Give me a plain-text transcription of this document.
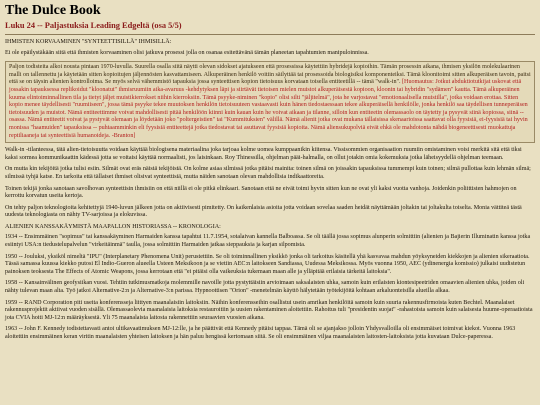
The Dulce Book
Luku 24 -- Paljastuksia Leading Edgeltä (osa 5/5)
IHMISTEN KORVAAMINEN "SYNTEETTISILLÄ" IHMISILLÄ:
Ei ole epäilystäkään siitä että ihmisten korvaaminen olisi jatkuva prosessi jolla on osanaa esitettävänä tämän planeetan tapahtumien manipuloinnissa.
Paljon todisteita alkoi nousta pintaan 1970-luvulla. Suurella osalla siitä näytti olevan sidokset ajatukseen että prosessissa käytettiin hybridejä kopioihin. Tämän prosessin aikana, ihmisen yksilön molekulaarinen malli on tallennettu ja käytetään sitten kopioitujen jäljennösten kasvattamiseen. Alkuperäinen henkilö voitiin säilyttää tai prosessoida biologisiksi komponenteiksi. Tämä kloonitoimi sitten alkuperäisen tavoin, paitsi että se on täysin alienien kontrolloima. Se myös selvä vähemmistö tapauksia jossa synteettisen kopion tietoisuus korvataan toisella entiteetillä -- tämä "walk-in". [Huomautus: Jotkut abduktiotutkijat uskovat että jossakin tapauksessa replikoidut "kloonatut" ihmisruumiin aika-avaruus -kehdytyksen läpi ja siirtävät tietoisen mielen muistot alkuperäisestä kopioon, kloonin tai hybridin "sydämen" kautta. Tämä alkuperäinen kuuma elintoiminnallinen tila ja tietyt jäljet muistikierrokset niihin kierroksiin. Tämä psyyke-niminen "kopio" olisi silti "jäljitelmä", jota he varjostavat "emotionaalisella muistilla", jotka voidaan erottaa. Sitten kopio menee täydellisesti "ruumiiseen", jossa tämä psyyke tekee muutoksen henkilön tietoisuuteen vastaavasti kuin hänen tiedostaessaan tekee alkuperäisellä henkilölle, jonka henkilö saa täydellisen tunneperäisen tietoisuuden ja muistot. Nämä entiteettimme voivat mahdollisesti pitää henkilöön kiinni kuin kauan kuin he voivat aikaan ja tilanne, silloin kun entiteetin olemassaolo on täytetty ja pysyvät siinä kopiossa, siinä -- osassa. Nämä entiteetit voivat ja pystyvät olemaan ja löydetään joko "poltergeistien" tai "Kummituksien" välillä. Nämä alienit jotka ovat mukana tällaisissa skenaarioissa saattavat olla fyysisiä, ei-fyysisiä tai hyvin monissa "haamuiden" tapauksissa -- puhtaamminkin eli fyysisiä entiteettejä jotka tiedostavat tai asuttavat fyysisiä kopioita. Nämä aliensukupolviä eivät ehkä ole mahdotonta nähdä biogeneettisesti muokattuja reptiliaaneja tai synteettisiä humanoideja. -Branton]
Walk-in -tilanteessa, tätä alien-tietoisuutta voidaan käyttää biologisena materiaalina joka tarjoaa kolme uomea kumppaanikin kiitensa. Vissisommien organisaation ruumiin omistaminen voisi merkitä sitä että tiksi kaksi sormea kommunikaattin kädessä jotta se voitaisi käyttää normaalisti, jos laisinkaan. Roy Thinessilla, ohjelman pääi-halmalla, on ollut jotakin omia kokemuksia jotka läheisyydellä ohjelman teemaan.
On mutta kin tekijöitä jotka tulisi esiin. Silmät ovat eräs näistä tekijöistä. On kolme asiaa silmissä jotka pitäisi mainita: toinen silmä on joissakin tapauksissa tummempi kuin toinen; silmä pullottaa kuin lehmän silmä; silmissä tyhjä katse. En tarkoita että tällaiset ihmiset olisivat synteettisiä, mutta näiden sanotaan olevan mahdollisia indikaattoreita.
Toinen tekijä jonka sanotaan savolhovan synteettisin ihmisiin on että niillä ei ole pitkä elinkaari. Sanotaan että ne eivät toimi hyvin sitten kun ne ovat yli kaksi vuotta vanhoja. Joidenkin poliittisten hahmojen on kerrottu korvatun useita kertoja.
On tehty paljon teknologioita kehitettyjä 1940-luvun jälkeen jotta on aktiivisesti pimitetty. On kaikenlaisia asioita jotta voidaan sovelaa saaden heidät näyttämään joltakin tai joltakulta toiselta. Monia vättiteä tästä uudesta teknologiasta on nähty TV-sarjoissa ja elokuvissa.
ALIENIEN KANSSAKÄYMISTÄ MAAPALLON HISTORIASSA -- KRONOLOGIA:
1934 -- Ensimmäinen "sopimus" tai kanssakäyminen Harmaiden kanssa tapahtui 11.7.1954, sotalaivan kannella Balboassa. Se oli täällä jossa sopimus alunperin solmittiin (alienien ja Bajierin Illuminatin kanssa jotka esiintyi USA:n tiedustelupalvelun "virkeitäinmä" taulla, jossa solmittiin Harmaiden jatkaa sieppauksia ja karjan silpomista.
1950 -- Jouluksi, yksiköl nimeltä "IPU" (Interplanetary Phenomena Unit) perustettiin. Se oli toiminnallinen yksikkö jonka oli tarkoitus käsitellä yhä kasvavaa mahdun yöyksyneiden kiekkojen ja alienien sikeraatiota. Tässä samassa kuussa kiekko putosi El Indio-Gueron alueella Usteen Meksikoon ja se vietiin AEC:n laitokseen Sandiassa, Uudessa Meksikossa. Myös vuonna 1950, AEC (ydinenergia komissio) julkaisi uudistetun painoksen teoksesta The Effects of Atomic Weapons, jossa kerrotaan että "ei pitäisi olla vaikeuksia tukemaan maan alle ja ylläpitää erilaisia tärkeitä laitoksia".
1958 -- Kansainvälinen geofysiikan vuosi. Tehtiin tutkimusmatkoja molemmille navoille jotta pystyttäisiin arvioimaan saksalaisten uhka, samoin kuin erilaisten kiontesipeetriden omaavien alienien uhka, joiden oli nähty tulevan maan alta. Työ jatkoi Alternative-2:n ja Alternative-3:n parissa. Hypnoottisen "Orion" -menetelmän käyttö hälytetään työtekijöitä kohtaan arkaluonteisilla alueilla alkaa.
1959 -- RAND Corporation piti useita konferensseja liittyen maanalaisiin laitoksiin. Näihin konferensseihin osallistui usein amrikan henkilöitä samoin kuin suuria rakennusfirmoista kuten Bechtel. Maanalaiset rakennusprojektit aktiivat vuoden sisällä. Olemassaolevia maanalaisia laitoksia restauroitiin ja uusien rakentaminen aloitettiin. Rahoitus tuli "presidentin suojat" -rahastoista samoin kuin salaisesta huume-operaatioista jota CVIA hoiti MJ-12:n määräyksestä. Yli 75 maanalaista laitosta rakennettiin seuraavien vuosien aikana.
1963 -- John F. Kennedy todistettavasti antoi ultikavaatimuksen MJ-12:lle, ja he päättivät että Kennedy pitäisi tappaa. Tämä oli se ajanjakso jolloin Yhdysvalloilla oli ensimmäiset toimivat kiekot. Vuonna 1963 aloitettiin ensimmäinen keran viritin maanalaisten yhteisen laitoksen ja hän paluu hengissä kertomaan siitä. Se oli ensimmäinen viljaa maanalaisten laitosten-laitoksista jotta kuvataan Dulce-paperessa.
